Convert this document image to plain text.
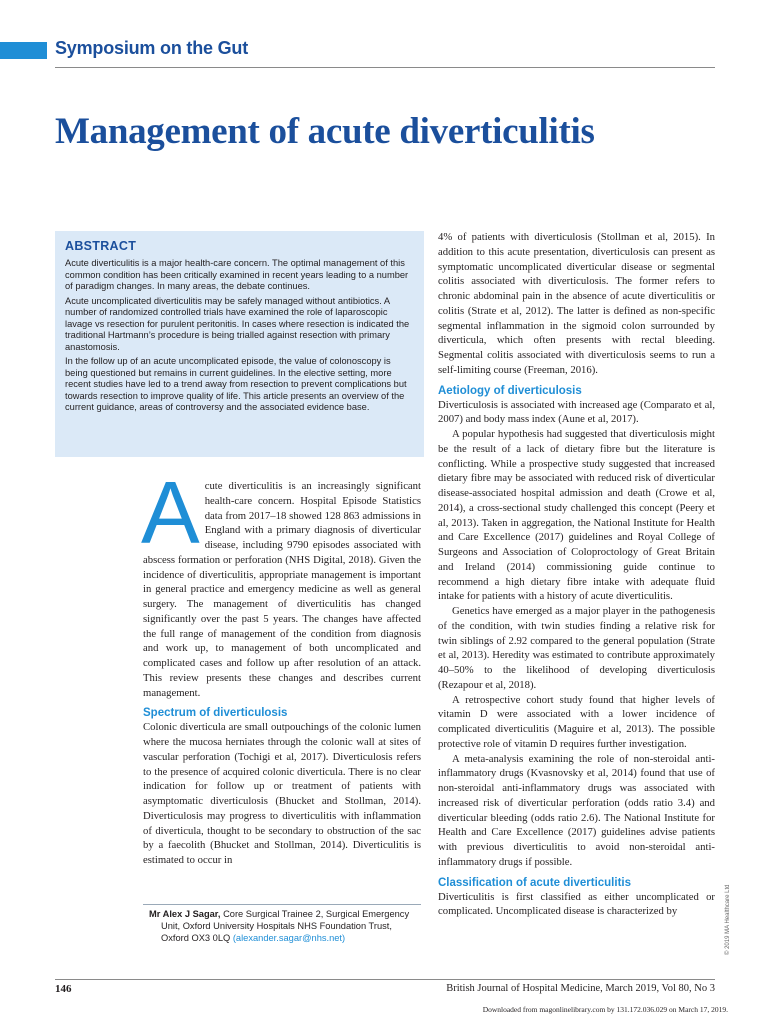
Symposium on the Gut
Management of acute diverticulitis
ABSTRACT

Acute diverticulitis is a major health-care concern. The optimal management of this common condition has been critically examined in recent years leading to a number of paradigm changes. In many areas, the debate continues.

Acute uncomplicated diverticulitis may be safely managed without antibiotics. A number of randomized controlled trials have examined the role of laparoscopic lavage vs resection for purulent peritonitis. In cases where resection is indicated the traditional Hartmann’s procedure is being trialled against resection with primary anastomosis.

In the follow up of an acute uncomplicated episode, the value of colonoscopy is being questioned but remains in current guidelines. In the elective setting, more recent studies have led to a trend away from resection to prevent complications but towards resection to improve quality of life. This article presents an overview of the current guidance, areas of controversy and the associated evidence base.

Acute diverticulitis is an increasingly significant health-care concern. Hospital Episode Statistics data from 2017–18 showed 128 863 admissions in England with a primary diagnosis of diverticular disease, including 9790 episodes associated with abscess formation or perforation (NHS Digital, 2018). Given the incidence of diverticulitis, appropriate management is important in general practice and emergency medicine as well as general surgery. The management of diverticulitis has changed significantly over the past 5 years. The changes have affected the full range of management of the condition from diagnosis and work up, to management of both uncomplicated and complicated cases and follow up after resolution of an attack. This review presents these changes and describes current management.

Spectrum of diverticulosis

Colonic diverticula are small outpouchings of the colonic lumen where the mucosa herniates through the colonic wall at sites of vascular perforation (Tochigi et al, 2017). Diverticulosis refers to the presence of acquired colonic diverticula. There is no clear indication for follow up or treatment of patients with asymptomatic diverticulosis (Bhucket and Stollman, 2014). Diverticulosis may progress to diverticulitis with inflammation of diverticula, thought to be secondary to obstruction of the sac by a faecolith (Bhucket and Stollman, 2014). Diverticulitis is estimated to occur in

Mr Alex J Sagar, Core Surgical Trainee 2, Surgical Emergency
Unit, Oxford University Hospitals NHS Foundation Trust,
Oxford OX3 0LQ (alexander.sagar@nhs.net)

4% of patients with diverticulosis (Stollman et al, 2015). In addition to this acute presentation, diverticulosis can present as symptomatic uncomplicated diverticular disease or segmental colitis associated with diverticulosis. The former refers to chronic abdominal pain in the absence of acute diverticulitis or colitis (Strate et al, 2012). The latter is defined as non-specific segmental inflammation in the sigmoid colon surrounded by diverticula, which often presents with rectal bleeding. Segmental colitis associated with diverticulosis seems to run a self-limiting course (Freeman, 2016).

Aetiology of diverticulosis

Diverticulosis is associated with increased age (Comparato et al, 2007) and body mass index (Aune et al, 2017).

A popular hypothesis had suggested that diverticulosis might be the result of a lack of dietary fibre but the literature is conflicting. While a prospective study suggested that increased dietary fibre may be associated with reduced risk of diverticular disease-associated hospital admission and death (Crowe et al, 2014), a cross-sectional study challenged this concept (Peery et al, 2013). Taken in aggregation, the National Institute for Health and Care Excellence (2017) guidelines and Royal College of Surgeons and Association of Coloproctology of Great Britain and Ireland (2014) commissioning guide continue to recommend a high dietary fibre intake with adequate fluid intake for patients with a history of acute diverticulitis.

Genetics have emerged as a major player in the pathogenesis of the condition, with twin studies finding a relative risk for twin siblings of 2.92 compared to the general population (Strate et al, 2013). Heredity was estimated to contribute approximately 40–50% to the likelihood of developing diverticulosis (Rezapour et al, 2018).

A retrospective cohort study found that higher levels of vitamin D were associated with a lower incidence of complicated diverticulitis (Maguire et al, 2013). The possible protective role of vitamin D requires further investigation.

A meta-analysis examining the role of non-steroidal anti-inflammatory drugs (Kvasnovsky et al, 2014) found that use of non-steroidal anti-inflammatory drugs was associated with increased risk of diverticular perforation (odds ratio 3.4) and diverticular bleeding (odds ratio 2.6). The National Institute for Health and Care Excellence (2017) guidelines advise patients with previous diverticulitis to avoid non-steroidal anti-inflammatory drugs if possible.

Classification of acute diverticulitis

Diverticulitis is first classified as either uncomplicated or complicated. Uncomplicated disease is characterized by	© 2019 MA Healthcare Ltd
146	British Journal of Hospital Medicine, March 2019, Vol 80, No 3
Downloaded from magonlinelibrary.com by 131.172.036.029 on March 17, 2019.
